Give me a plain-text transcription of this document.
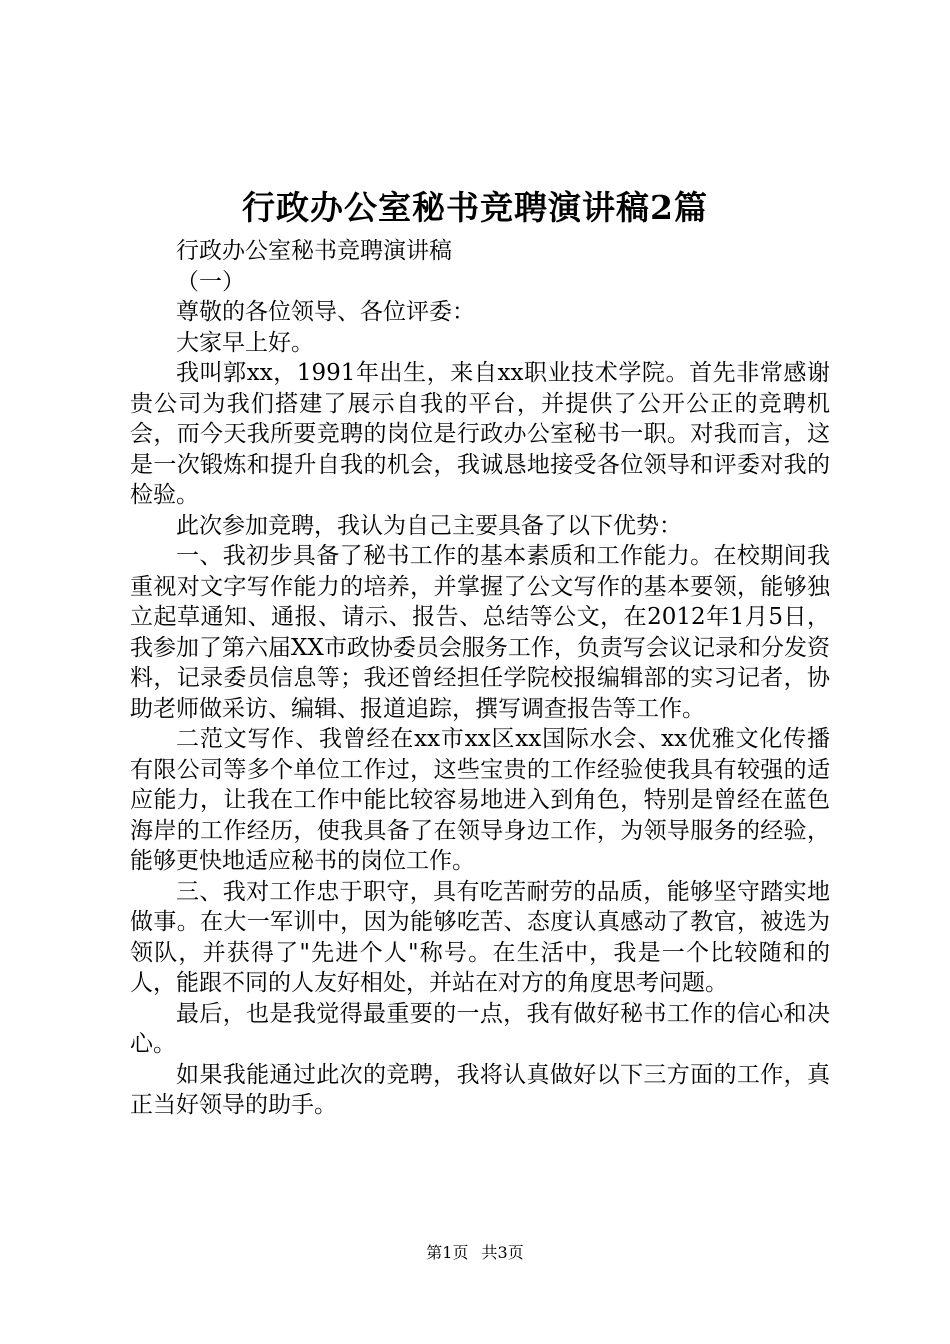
行政办公室秘书竞聘演讲稿2篇

行政办公室秘书竞聘演讲稿

（一）

尊敬的各位领导、各位评委：

大家早上好。

我叫郭xx，1991年出生，来自xx职业技术学院。首先非常感谢贵公司为我们搭建了展示自我的平台，并提供了公开公正的竞聘机会，而今天我所要竞聘的岗位是行政办公室秘书一职。对我而言，这是一次锻炼和提升自我的机会，我诚恳地接受各位领导和评委对我的检验。

此次参加竞聘，我认为自己主要具备了以下优势：

一、我初步具备了秘书工作的基本素质和工作能力。在校期间我重视对文字写作能力的培养，并掌握了公文写作的基本要领，能够独立起草通知、通报、请示、报告、总结等公文，在2012年1月5日，我参加了第六届XX市政协委员会服务工作，负责写会议记录和分发资料，记录委员信息等；我还曾经担任学院校报编辑部的实习记者，协助老师做采访、编辑、报道追踪，撰写调查报告等工作。

二范文写作、我曾经在xx市xx区xx国际水会、xx优雅文化传播有限公司等多个单位工作过，这些宝贵的工作经验使我具有较强的适应能力，让我在工作中能比较容易地进入到角色，特别是曾经在蓝色海岸的工作经历，使我具备了在领导身边工作，为领导服务的经验，能够更快地适应秘书的岗位工作。

三、我对工作忠于职守，具有吃苦耐劳的品质，能够坚守踏实地做事。在大一军训中，因为能够吃苦、态度认真感动了教官，被选为领队，并获得了"先进个人"称号。在生活中，我是一个比较随和的人，能跟不同的人友好相处，并站在对方的角度思考问题。

最后，也是我觉得最重要的一点，我有做好秘书工作的信心和决心。

如果我能通过此次的竞聘，我将认真做好以下三方面的工作，真正当好领导的助手。

第1页 共3页
